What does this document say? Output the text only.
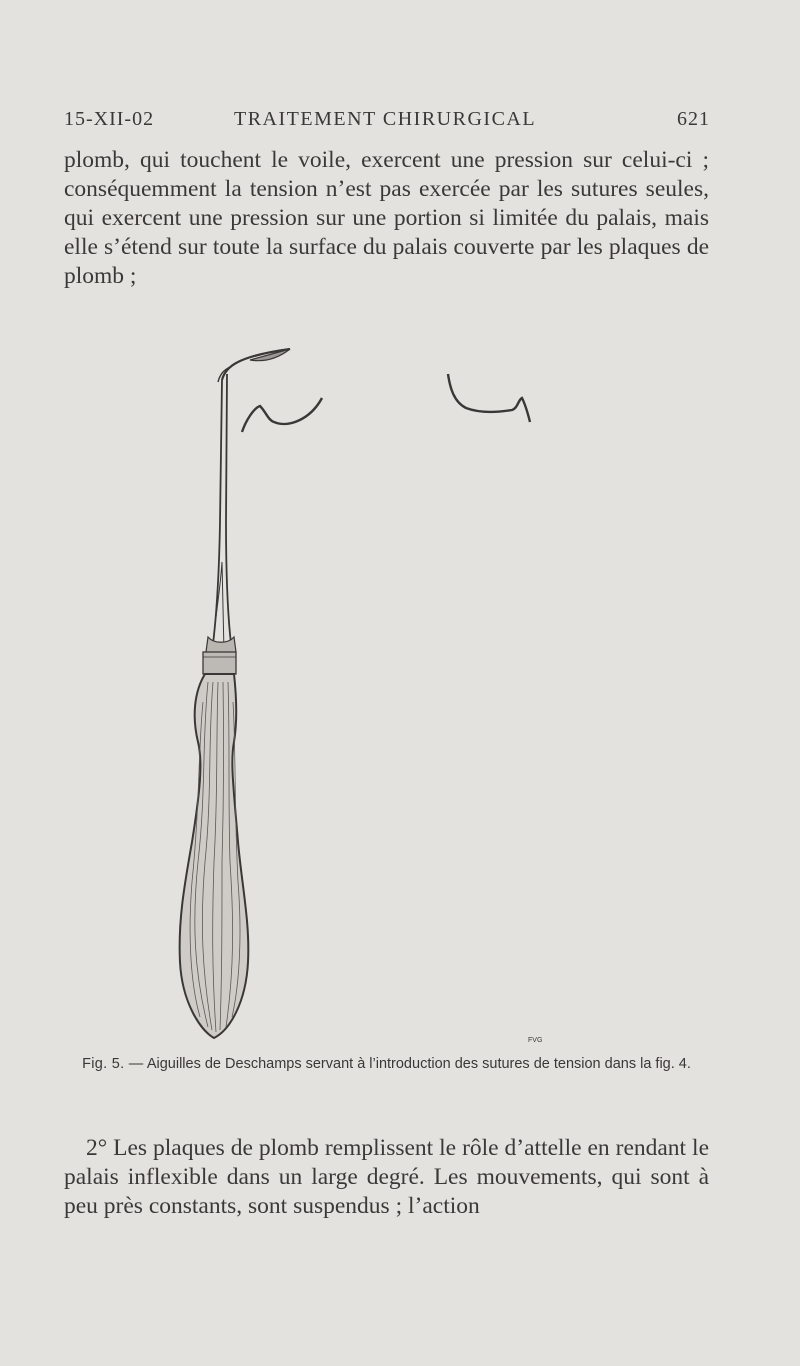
15-XII-02	TRAITEMENT CHIRURGICAL	621
plomb, qui touchent le voile, exercent une pression sur celui-ci ; conséquemment la tension n’est pas exercée par les sutures seules, qui exercent une pression sur une portion si limitée du palais, mais elle s’étend sur toute la surface du palais couverte par les plaques de plomb ;
FVG
Fig. 5. — Aiguilles de Deschamps servant à l’introduction des sutures de tension dans la fig. 4.
2° Les plaques de plomb remplissent le rôle d’attelle en rendant le palais inflexible dans un large degré. Les mouvements, qui sont à peu près constants, sont suspendus ; l’action
